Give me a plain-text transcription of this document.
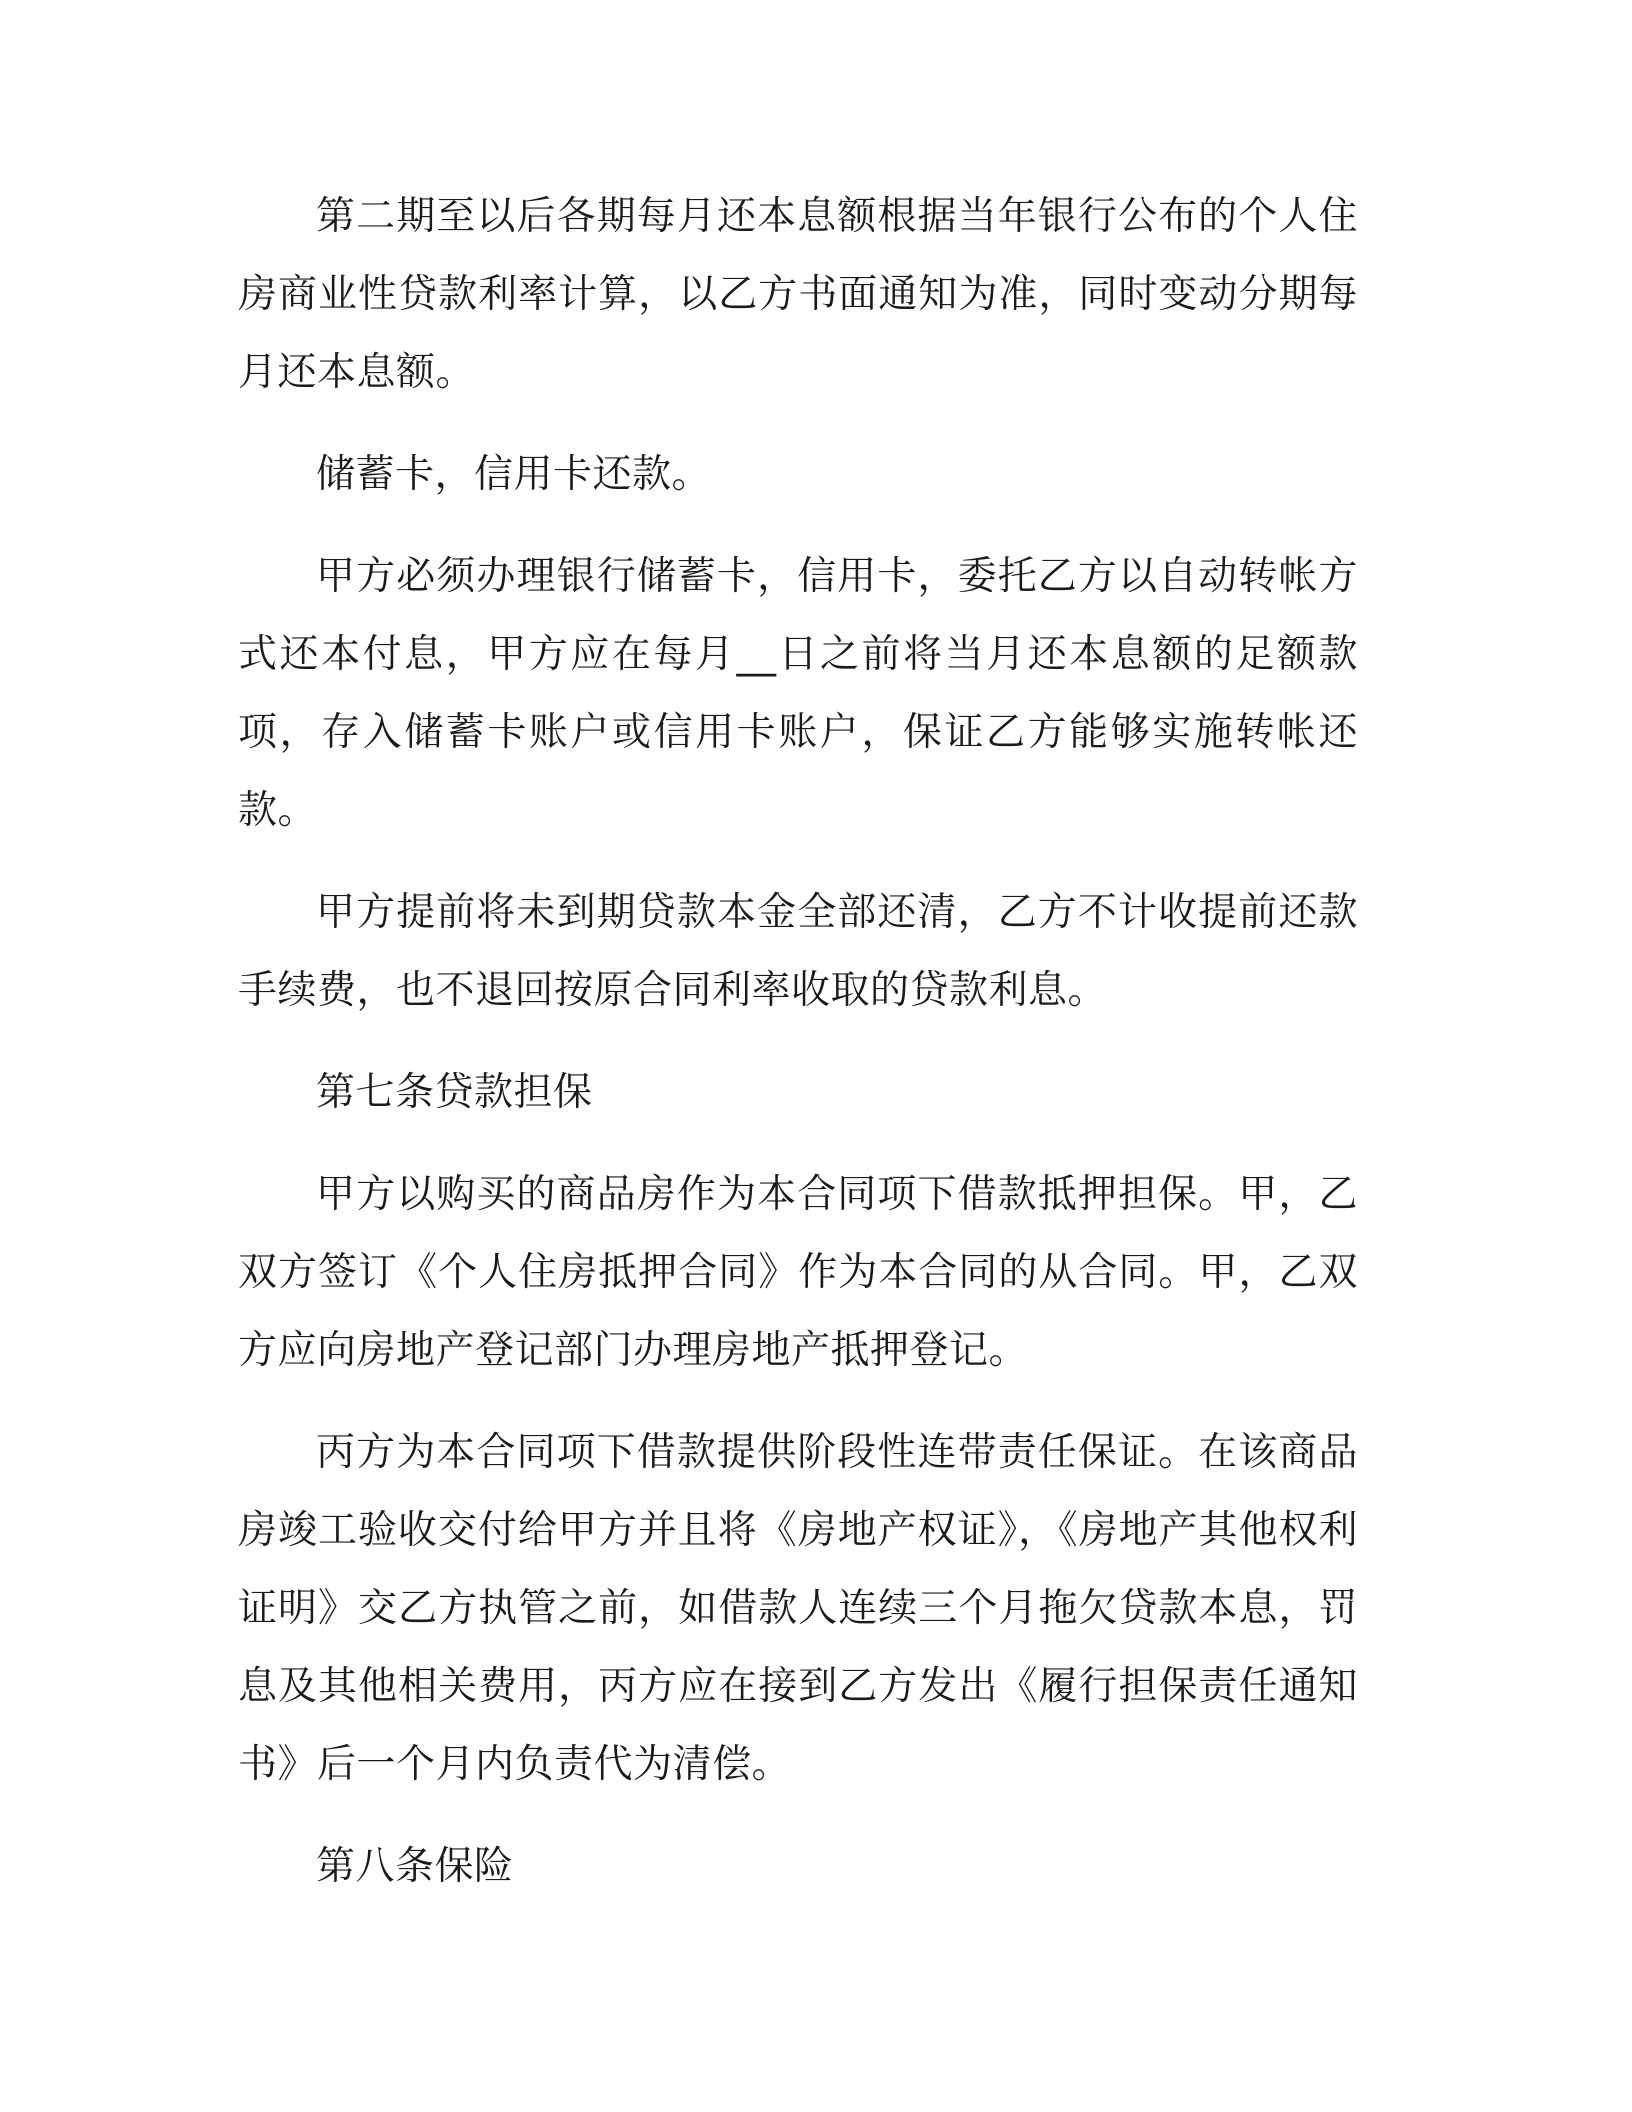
第二期至以后各期每月还本息额根据当年银行公布的个人住房商业性贷款利率计算，以乙方书面通知为准，同时变动分期每月还本息额。

储蓄卡，信用卡还款。

甲方必须办理银行储蓄卡，信用卡，委托乙方以自动转帐方式还本付息，甲方应在每月__日之前将当月还本息额的足额款项，存入储蓄卡账户或信用卡账户，保证乙方能够实施转帐还款。

甲方提前将未到期贷款本金全部还清，乙方不计收提前还款手续费，也不退回按原合同利率收取的贷款利息。

第七条贷款担保

甲方以购买的商品房作为本合同项下借款抵押担保。甲，乙双方签订《个人住房抵押合同》作为本合同的从合同。甲，乙双方应向房地产登记部门办理房地产抵押登记。

丙方为本合同项下借款提供阶段性连带责任保证。在该商品房竣工验收交付给甲方并且将《房地产权证》，《房地产其他权利证明》交乙方执管之前，如借款人连续三个月拖欠贷款本息，罚息及其他相关费用，丙方应在接到乙方发出《履行担保责任通知书》后一个月内负责代为清偿。

第八条保险
